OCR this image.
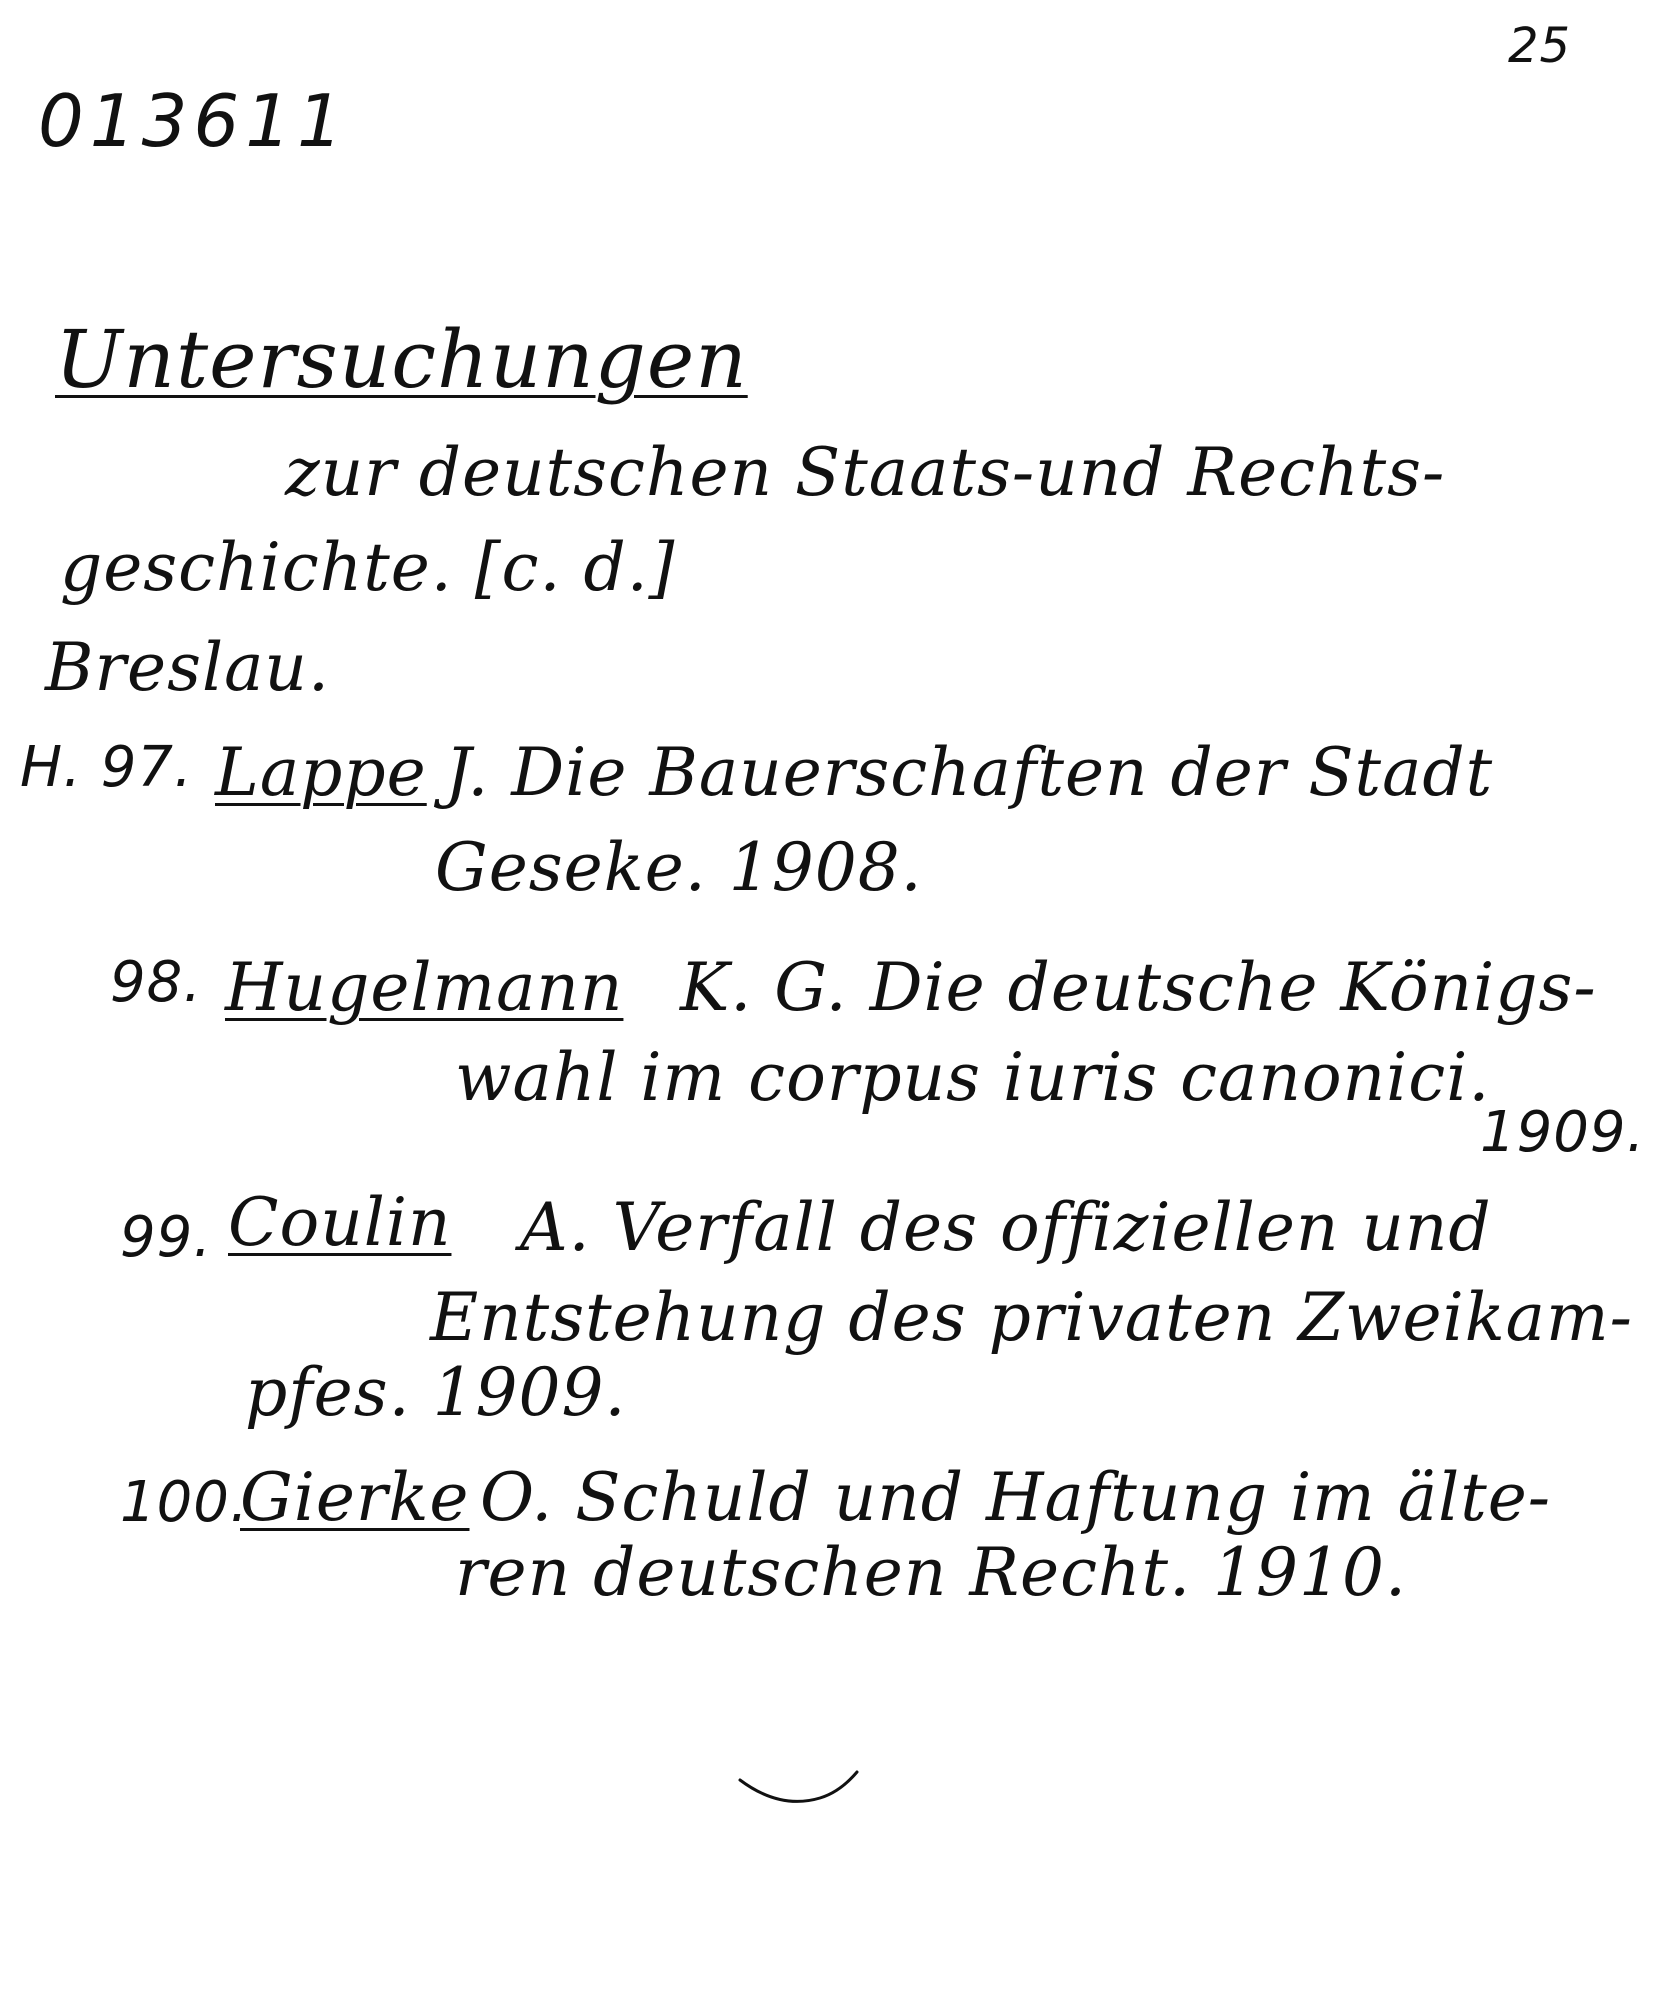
25
013611
Untersuchungen
zur deutschen Staats-und Rechts-
geschichte. [c. d.]
Breslau.
H. 97. Lappe J. Die Bauerschaften der Stadt
Geseke. 1908.
98. Hugelmann K. G. Die deutsche Königs-
wahl im corpus iuris canonici.
1909.
99. Coulin A. Verfall des offiziellen und
Entstehung des privaten Zweikam-
pfes. 1909.
100.
Gierke O. Schuld und Haftung im älte-
ren deutschen Recht. 1910.
